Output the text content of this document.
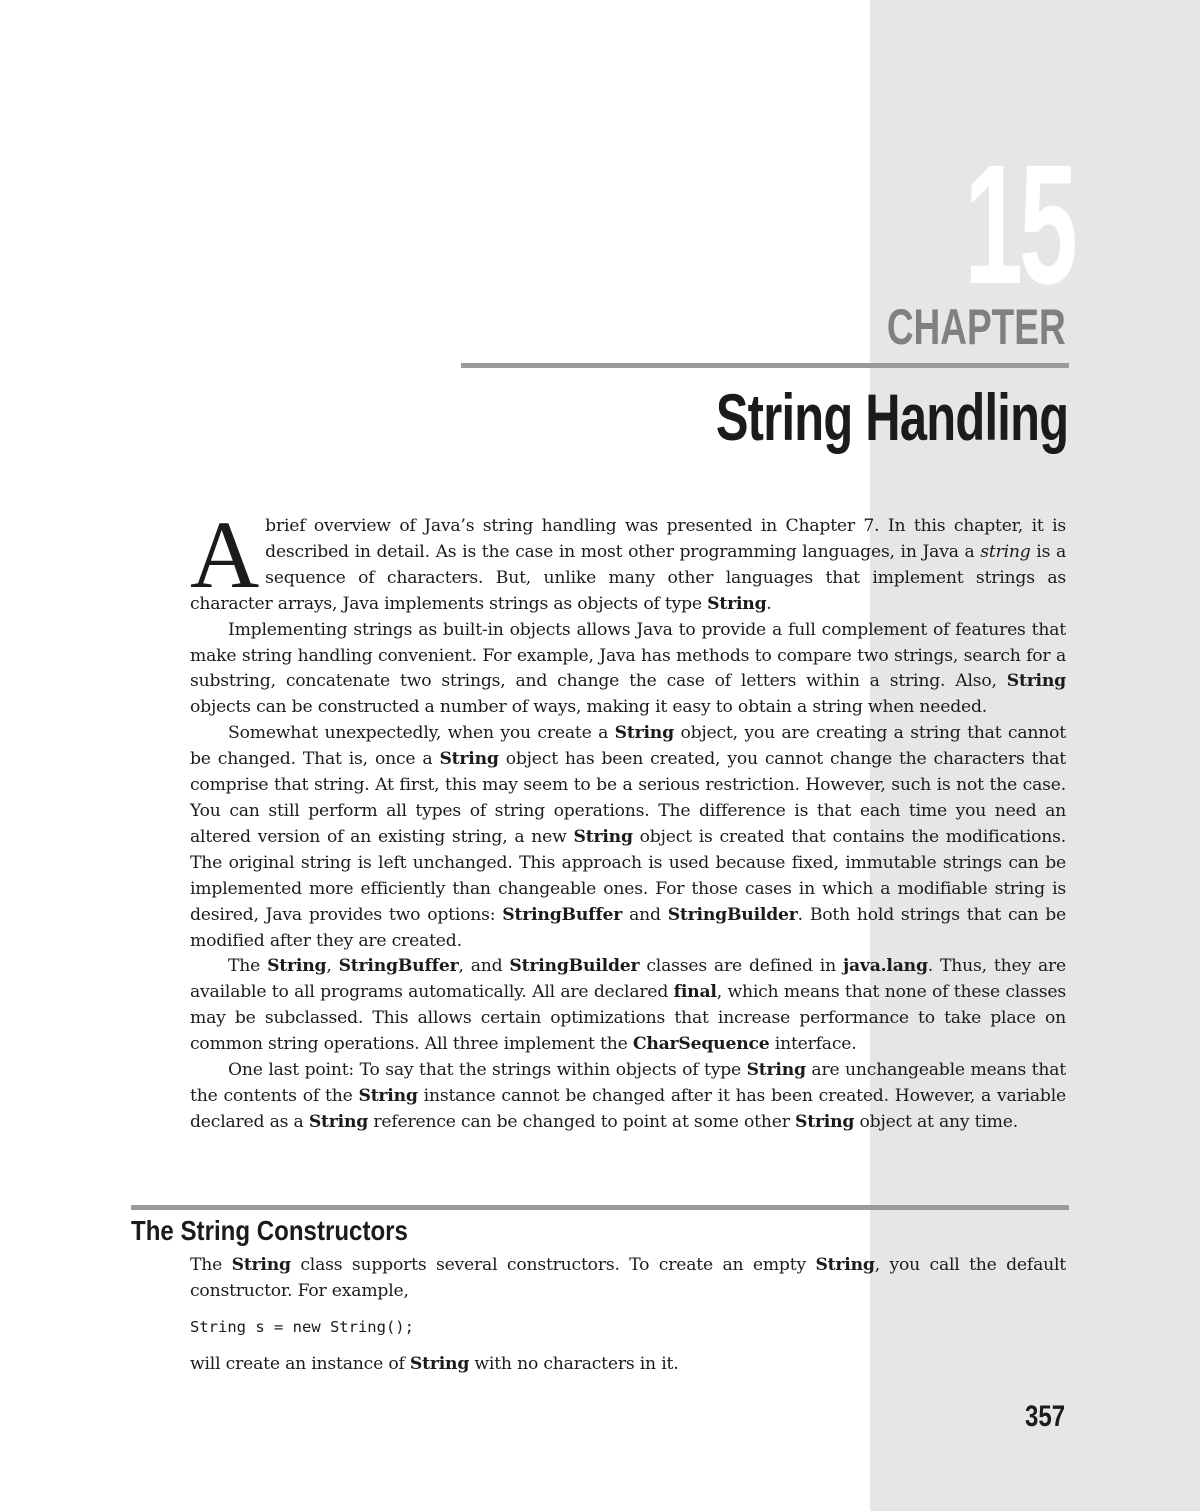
15
CHAPTER
String Handling

A brief overview of Java’s string handling was presented in Chapter 7. In this chapter, it is described in detail. As is the case in most other programming languages, in Java a string is a sequence of characters. But, unlike many other languages that implement strings as character arrays, Java implements strings as objects of type String.

Implementing strings as built-in objects allows Java to provide a full complement of features that make string handling convenient. For example, Java has methods to compare two strings, search for a substring, concatenate two strings, and change the case of letters within a string. Also, String objects can be constructed a number of ways, making it easy to obtain a string when needed.

Somewhat unexpectedly, when you create a String object, you are creating a string that cannot be changed. That is, once a String object has been created, you cannot change the characters that comprise that string. At first, this may seem to be a serious restriction. However, such is not the case. You can still perform all types of string operations. The difference is that each time you need an altered version of an existing string, a new String object is created that contains the modifications. The original string is left unchanged. This approach is used because fixed, immutable strings can be implemented more efficiently than changeable ones. For those cases in which a modifiable string is desired, Java provides two options: StringBuffer and StringBuilder. Both hold strings that can be modified after they are created.

The String, StringBuffer, and StringBuilder classes are defined in java.lang. Thus, they are available to all programs automatically. All are declared final, which means that none of these classes may be subclassed. This allows certain optimizations that increase performance to take place on common string operations. All three implement the CharSequence interface.

One last point: To say that the strings within objects of type String are unchangeable means that the contents of the String instance cannot be changed after it has been created. However, a variable declared as a String reference can be changed to point at some other String object at any time.

The String Constructors

The String class supports several constructors. To create an empty String, you call the default constructor. For example,

String s = new String();

will create an instance of String with no characters in it.

357
